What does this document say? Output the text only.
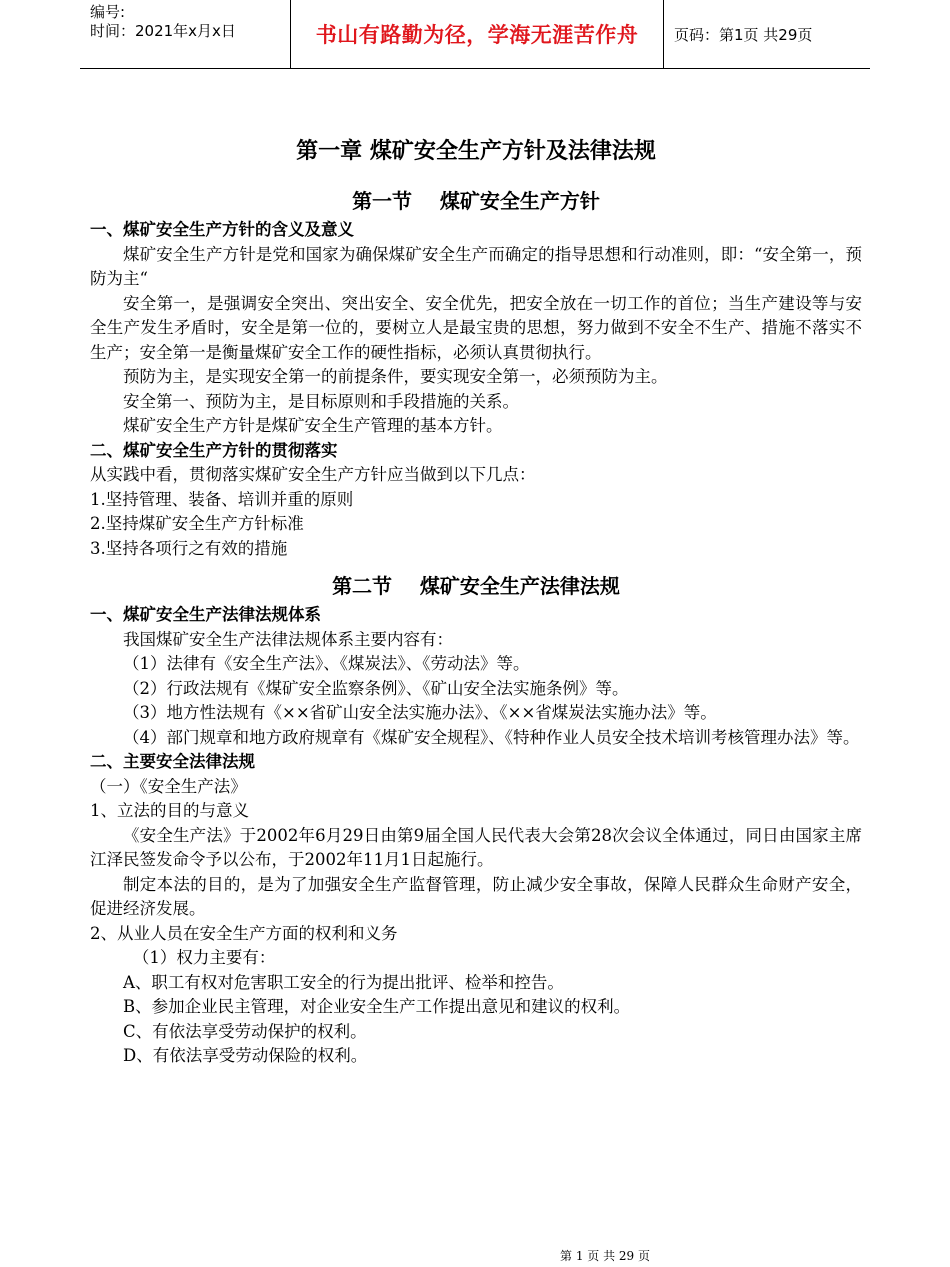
编号:
时间：2021年x月x日	书山有路勤为径，学海无涯苦作舟	页码：第1页 共29页
第一章 煤矿安全生产方针及法律法规
第一节    煤矿安全生产方针
一、煤矿安全生产方针的含义及意义

煤矿安全生产方针是党和国家为确保煤矿安全生产而确定的指导思想和行动准则，即：“安全第一，预防为主“

安全第一，是强调安全突出、突出安全、安全优先，把安全放在一切工作的首位；当生产建设等与安全生产发生矛盾时，安全是第一位的，要树立人是最宝贵的思想，努力做到不安全不生产、措施不落实不生产；安全第一是衡量煤矿安全工作的硬性指标，必须认真贯彻执行。

预防为主，是实现安全第一的前提条件，要实现安全第一，必须预防为主。

安全第一、预防为主，是目标原则和手段措施的关系。

煤矿安全生产方针是煤矿安全生产管理的基本方针。

二、煤矿安全生产方针的贯彻落实

从实践中看，贯彻落实煤矿安全生产方针应当做到以下几点：

1.坚持管理、装备、培训并重的原则

2.坚持煤矿安全生产方针标准

3.坚持各项行之有效的措施

第二节    煤矿安全生产法律法规
一、煤矿安全生产法律法规体系

我国煤矿安全生产法律法规体系主要内容有：

（1）法律有《安全生产法》、《煤炭法》、《劳动法》等。

（2）行政法规有《煤矿安全监察条例》、《矿山安全法实施条例》等。

（3）地方性法规有《××省矿山安全法实施办法》、《××省煤炭法实施办法》等。

（4）部门规章和地方政府规章有《煤矿安全规程》、《特种作业人员安全技术培训考核管理办法》等。

二、主要安全法律法规

（一）《安全生产法》

1、立法的目的与意义

《安全生产法》于2002年6月29日由第9届全国人民代表大会第28次会议全体通过，同日由国家主席江泽民签发命令予以公布，于2002年11月1日起施行。

制定本法的目的，是为了加强安全生产监督管理，防止减少安全事故，保障人民群众生命财产安全，促进经济发展。

2、从业人员在安全生产方面的权利和义务

（1）权力主要有：

A、职工有权对危害职工安全的行为提出批评、检举和控告。

B、参加企业民主管理，对企业安全生产工作提出意见和建议的权利。

C、有依法享受劳动保护的权利。

D、有依法享受劳动保险的权利。

第 1 页 共 29 页
